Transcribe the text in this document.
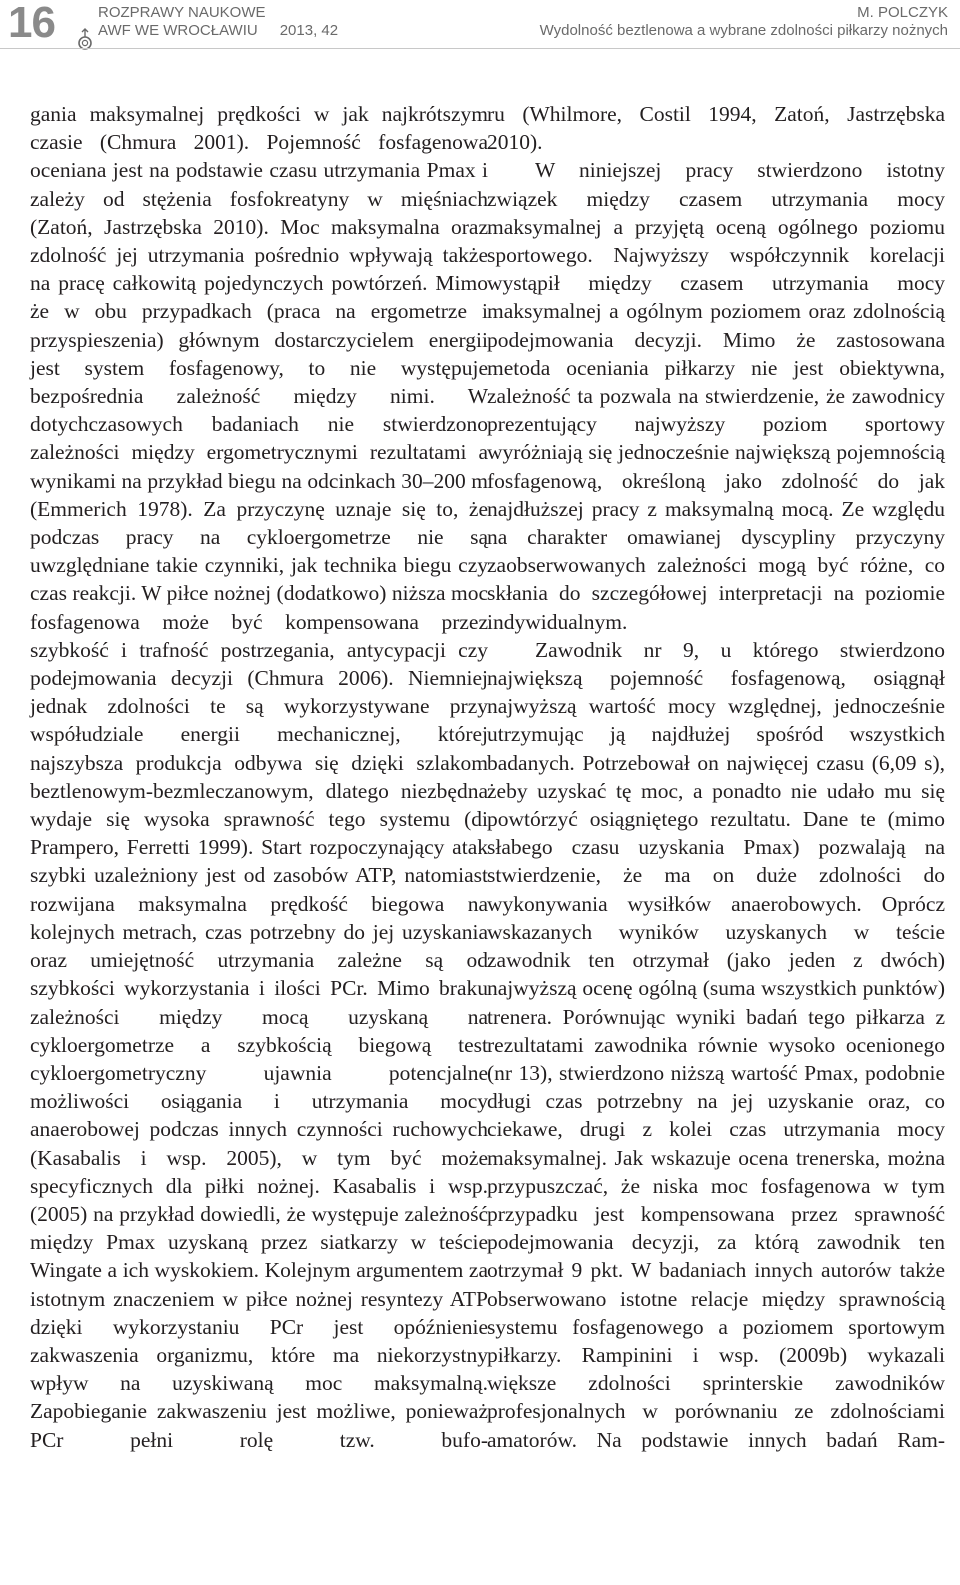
16	ROZPRAWY NAUKOWE
AWF WE WROCŁAWIU 2013, 42
M. POLCZYK
Wydolność beztlenowa a wybrane zdolności piłkarzy nożnych

gania maksymalnej prędkości w jak najkrótszym czasie (Chmura 2001). Pojemność fosfagenowa oceniana jest na podstawie czasu utrzymania Pmax i zależy od stężenia fosfokreatyny w mięśniach (Zatoń, Jastrzębska 2010). Moc maksymalna oraz zdolność jej utrzymania pośrednio wpływają także na pracę całkowitą pojedynczych powtórzeń. Mimo że w obu przypadkach (praca na ergometrze i przyspieszenia) głównym dostarczycielem energii jest system fosfagenowy, to nie występuje bezpośrednia zależność między nimi. W dotychczasowych badaniach nie stwierdzono zależności między ergometrycznymi rezultatami a wynikami na przykład biegu na odcinkach 30–200 m (Emmerich 1978). Za przyczynę uznaje się to, że podczas pracy na cykloergometrze nie są uwzględniane takie czynniki, jak technika biegu czy czas reakcji. W piłce nożnej (dodatkowo) niższa moc fosfagenowa może być kompensowana przez szybkość i trafność postrzegania, antycypacji czy podejmowania decyzji (Chmura 2006). Niemniej jednak zdolności te są wykorzystywane przy współudziale energii mechanicznej, której najszybsza produkcja odbywa się dzięki szlakom beztlenowym-bezmleczanowym, dlatego niezbędna wydaje się wysoka sprawność tego systemu (di Prampero, Ferretti 1999). Start rozpoczynający atak szybki uzależniony jest od zasobów ATP, natomiast rozwijana maksymalna prędkość biegowa na kolejnych metrach, czas potrzebny do jej uzyskania oraz umiejętność utrzymania zależne są od szybkości wykorzystania i ilości PCr. Mimo braku zależności między mocą uzyskaną na cykloergometrze a szybkością biegową test cykloergometryczny ujawnia potencjalne możliwości osiągania i utrzymania mocy anaerobowej podczas innych czynności ruchowych (Kasabalis i wsp. 2005), w tym być może specyficznych dla piłki nożnej. Kasabalis i wsp. (2005) na przykład dowiedli, że występuje zależność między Pmax uzyskaną przez siatkarzy w teście Wingate a ich wyskokiem. Kolejnym argumentem za istotnym znaczeniem w piłce nożnej resyntezy ATP dzięki wykorzystaniu PCr jest opóźnienie zakwaszenia organizmu, które ma niekorzystny wpływ na uzyskiwaną moc maksymalną. Zapobieganie zakwaszeniu jest możliwe, ponieważ PCr pełni rolę tzw. bufo-

ru (Whilmore, Costil 1994, Zatoń, Jastrzębska 2010).

W niniejszej pracy stwierdzono istotny związek między czasem utrzymania mocy maksymalnej a przyjętą oceną ogólnego poziomu sportowego. Najwyższy współczynnik korelacji wystąpił między czasem utrzymania mocy maksymalnej a ogólnym poziomem oraz zdolnością podejmowania decyzji. Mimo że zastosowana metoda oceniania piłkarzy nie jest obiektywna, zależność ta pozwala na stwierdzenie, że zawodnicy prezentujący najwyższy poziom sportowy wyróżniają się jednocześnie największą pojemnością fosfagenową, określoną jako zdolność do jak najdłuższej pracy z maksymalną mocą. Ze względu na charakter omawianej dyscypliny przyczyny zaobserwowanych zależności mogą być różne, co skłania do szczegółowej interpretacji na poziomie indywidualnym.

Zawodnik nr 9, u którego stwierdzono największą pojemność fosfagenową, osiągnął najwyższą wartość mocy względnej, jednocześnie utrzymując ją najdłużej spośród wszystkich badanych. Potrzebował on najwięcej czasu (6,09 s), żeby uzyskać tę moc, a ponadto nie udało mu się powtórzyć osiągniętego rezultatu. Dane te (mimo słabego czasu uzyskania Pmax) pozwalają na stwierdzenie, że ma on duże zdolności do wykonywania wysiłków anaerobowych. Oprócz wskazanych wyników uzyskanych w teście zawodnik ten otrzymał (jako jeden z dwóch) najwyższą ocenę ogólną (suma wszystkich punktów) trenera. Porównując wyniki badań tego piłkarza z rezultatami zawodnika równie wysoko ocenionego (nr 13), stwierdzono niższą wartość Pmax, podobnie długi czas potrzebny na jej uzyskanie oraz, co ciekawe, drugi z kolei czas utrzymania mocy maksymalnej. Jak wskazuje ocena trenerska, można przypuszczać, że niska moc fosfagenowa w tym przypadku jest kompensowana przez sprawność podejmowania decyzji, za którą zawodnik ten otrzymał 9 pkt. W badaniach innych autorów także obserwowano istotne relacje między sprawnością systemu fosfagenowego a poziomem sportowym piłkarzy. Rampinini i wsp. (2009b) wykazali większe zdolności sprinterskie zawodników profesjonalnych w porównaniu ze zdolnościami amatorów. Na podstawie innych badań Ram-
